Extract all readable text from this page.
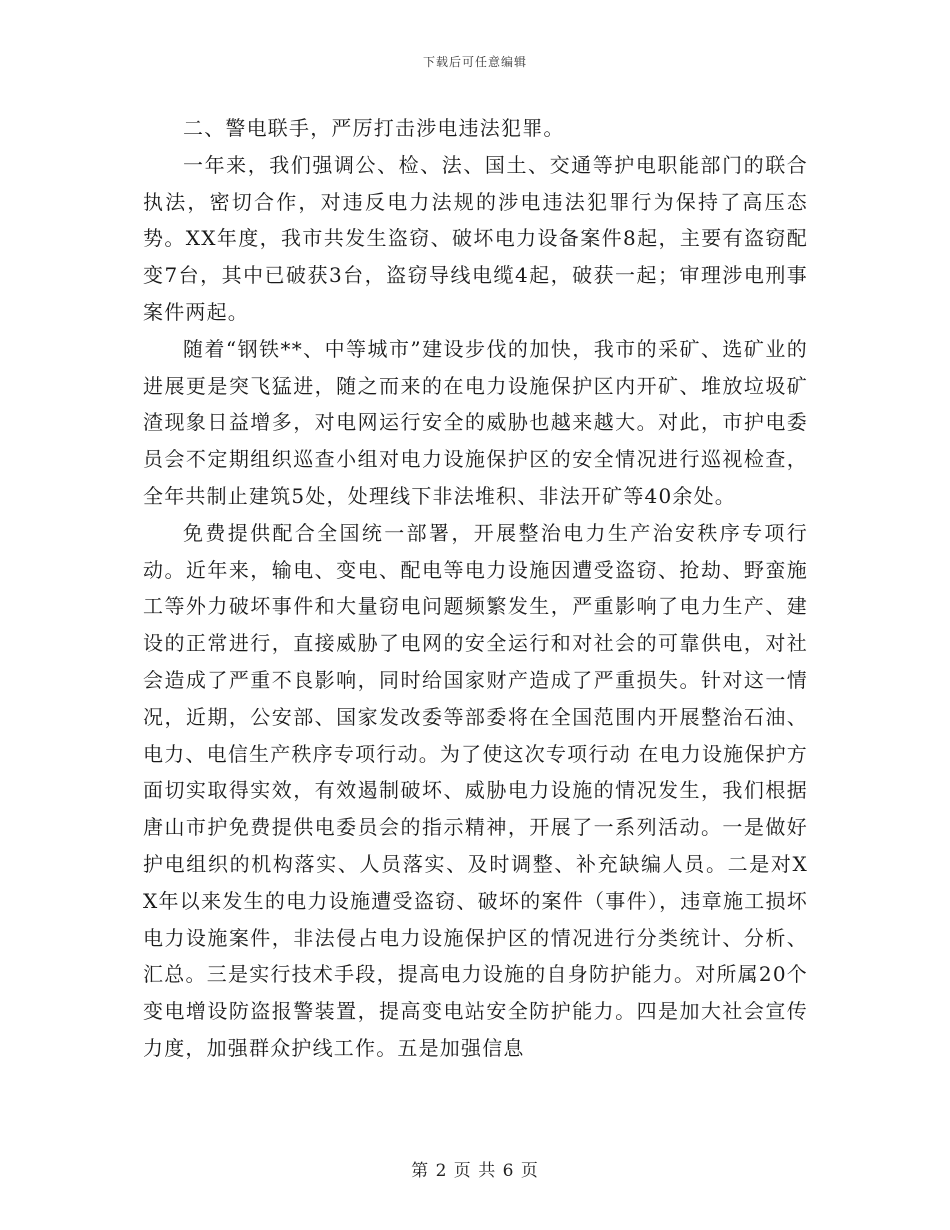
下载后可任意编辑

二、警电联手，严厉打击涉电违法犯罪。

一年来，我们强调公、检、法、国土、交通等护电职能部门的联合执法，密切合作，对违反电力法规的涉电违法犯罪行为保持了高压态势。XX年度，我市共发生盗窃、破坏电力设备案件8起，主要有盗窃配变7台，其中已破获3台，盗窃导线电缆4起，破获一起；审理涉电刑事案件两起。

随着“钢铁**、中等城市”建设步伐的加快，我市的采矿、选矿业的进展更是突飞猛进，随之而来的在电力设施保护区内开矿、堆放垃圾矿渣现象日益增多，对电网运行安全的威胁也越来越大。对此，市护电委员会不定期组织巡查小组对电力设施保护区的安全情况进行巡视检查，全年共制止建筑5处，处理线下非法堆积、非法开矿等40余处。

免费提供配合全国统一部署，开展整治电力生产治安秩序专项行动。近年来，输电、变电、配电等电力设施因遭受盗窃、抢劫、野蛮施工等外力破坏事件和大量窃电问题频繁发生，严重影响了电力生产、建设的正常进行，直接威胁了电网的安全运行和对社会的可靠供电，对社会造成了严重不良影响，同时给国家财产造成了严重损失。针对这一情况，近期，公安部、国家发改委等部委将在全国范围内开展整治石油、电力、电信生产秩序专项行动。为了使这次专项行动 在电力设施保护方面切实取得实效，有效遏制破坏、威胁电力设施的情况发生，我们根据唐山市护免费提供电委员会的指示精神，开展了一系列活动。一是做好护电组织的机构落实、人员落实、及时调整、补充缺编人员。二是对XX年以来发生的电力设施遭受盗窃、破坏的案件（事件），违章施工损坏电力设施案件，非法侵占电力设施保护区的情况进行分类统计、分析、汇总。三是实行技术手段，提高电力设施的自身防护能力。对所属20个变电增设防盗报警装置，提高变电站安全防护能力。四是加大社会宣传力度，加强群众护线工作。五是加强信息

第 2 页 共 6 页
